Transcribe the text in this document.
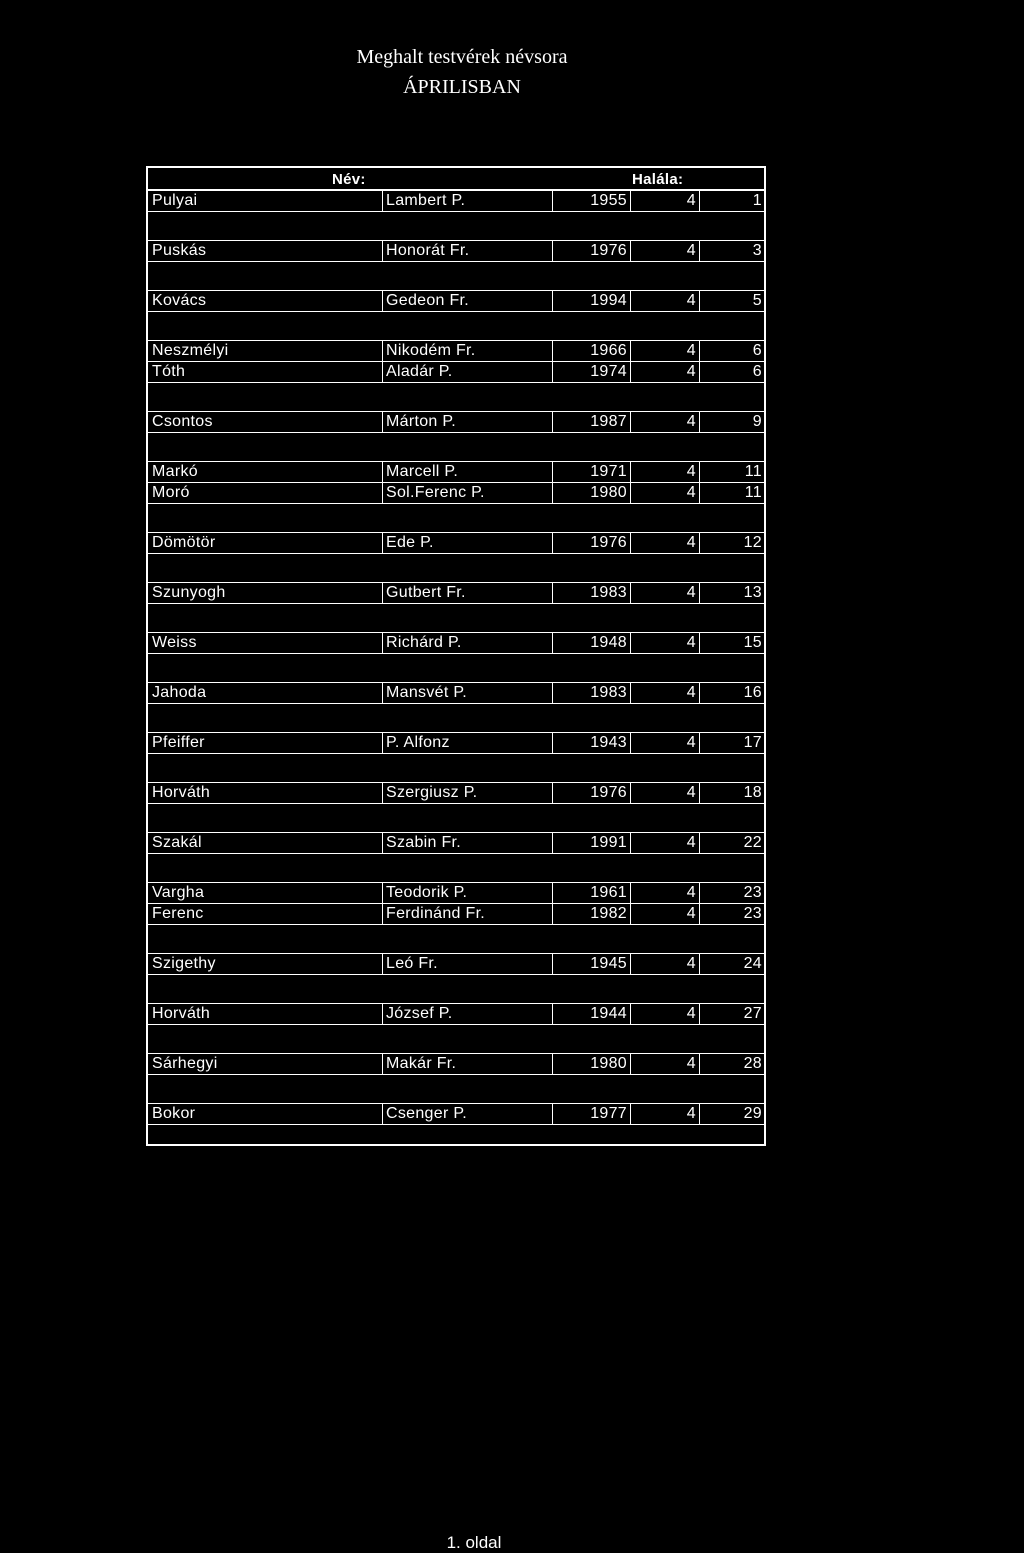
Meghalt testvérek névsora
ÁPRILISBAN
Név:	Halála:
Pulyai	Lambert P.	1955	4	1
Puskás	Honorát Fr.	1976	4	3
Kovács	Gedeon Fr.	1994	4	5
Neszmélyi	Nikodém Fr.	1966	4	6
Tóth	Aladár P.	1974	4	6
Csontos	Márton P.	1987	4	9
Markó	Marcell P.	1971	4	11
Moró	Sol.Ferenc P.	1980	4	11
Dömötör	Ede P.	1976	4	12
Szunyogh	Gutbert Fr.	1983	4	13
Weiss	Richárd P.	1948	4	15
Jahoda	Mansvét P.	1983	4	16
Pfeiffer	P. Alfonz	1943	4	17
Horváth	Szergiusz P.	1976	4	18
Szakál	Szabin Fr.	1991	4	22
Vargha	Teodorik P.	1961	4	23
Ferenc	Ferdinánd Fr.	1982	4	23
Szigethy	Leó Fr.	1945	4	24
Horváth	József P.	1944	4	27
Sárhegyi	Makár Fr.	1980	4	28
Bokor	Csenger P.	1977	4	29
1. oldal
